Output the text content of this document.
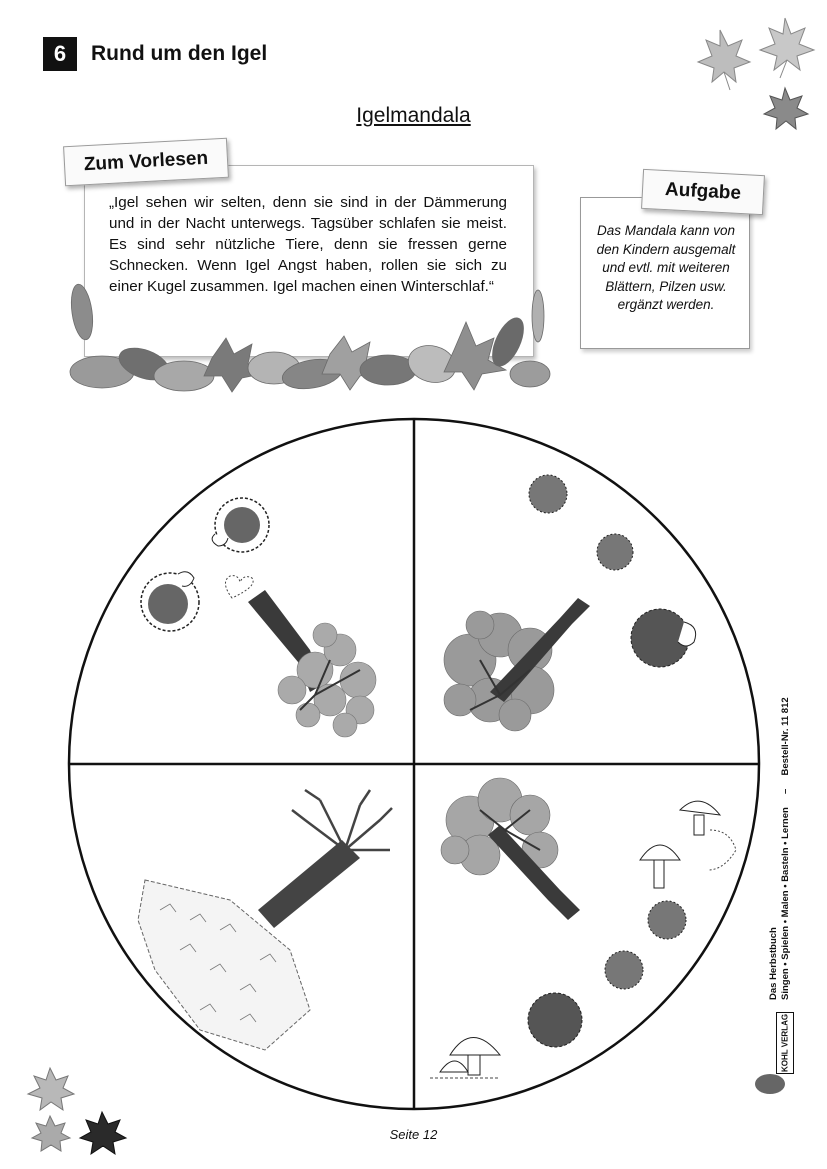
6	Rund um den Igel
Igelmandala
„Igel sehen wir selten, denn sie sind in der Dämmerung und in der Nacht unterwegs. Tagsüber schlafen sie meist. Es sind sehr nützliche Tiere, denn sie fressen gerne Schnecken. Wenn Igel Angst haben, rollen sie sich zu einer Kugel zusammen. Igel machen einen Winterschlaf.“
Zum Vorlesen
Das Mandala kann von den Kindern ausgemalt und evtl. mit weiteren Blättern, Pilzen usw. ergänzt werden.
Aufgabe
Das Herbstbuch Singen • Spielen • Malen • Basteln • Lernen     –     Bestell-Nr. 11 812
KOHL VERLAG
Seite 12
